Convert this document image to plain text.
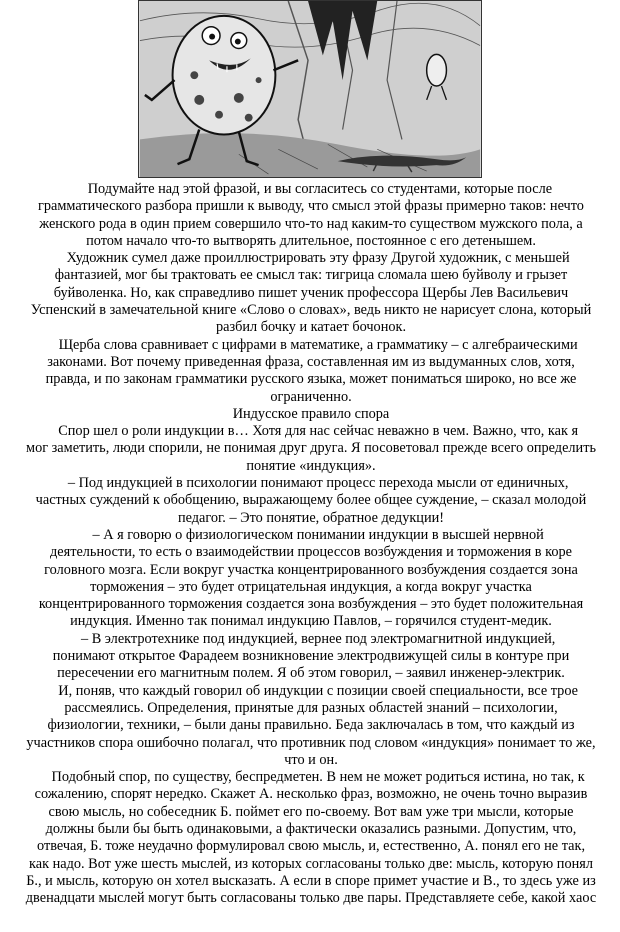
Подумайте над этой фразой, и вы согласитесь со студентами, которые после
грамматического разбора пришли к выводу, что смысл этой фразы примерно таков: нечто
женского рода в один прием совершило что-то над каким-то существом мужского пола, а
потом начало что-то вытворять длительное, постоянное с его детенышем.
Художник сумел даже проиллюстрировать эту фразу Другой художник, с меньшей
фантазией, мог бы трактовать ее смысл так: тигрица сломала шею буйволу и грызет
буйволенка. Но, как справедливо пишет ученик профессора Щербы Лев Васильевич
Успенский в замечательной книге «Слово о словах», ведь никто не нарисует слона, который
разбил бочку и катает бочонок.
Щерба слова сравнивает с цифрами в математике, а грамматику – с алгебраическими
законами. Вот почему приведенная фраза, составленная им из выдуманных слов, хотя,
правда, и по законам грамматики русского языка, может пониматься широко, но все же
ограниченно.
Индусское правило спора
Спор шел о роли индукции в… Хотя для нас сейчас неважно в чем. Важно, что, как я
мог заметить, люди спорили, не понимая друг друга. Я посоветовал прежде всего определить
понятие «индукция».
– Под индукцией в психологии понимают процесс перехода мысли от единичных,
частных суждений к обобщению, выражающему более общее суждение, – сказал молодой
педагог. – Это понятие, обратное дедукции!
– А я говорю о физиологическом понимании индукции в высшей нервной
деятельности, то есть о взаимодействии процессов возбуждения и торможения в коре
головного мозга. Если вокруг участка концентрированного возбуждения создается зона
торможения – это будет отрицательная индукция, а когда вокруг участка
концентрированного торможения создается зона возбуждения – это будет положительная
индукция. Именно так понимал индукцию Павлов, – горячился студент-медик.
– В электротехнике под индукцией, вернее под электромагнитной индукцией,
понимают открытое Фарадеем возникновение электродвижущей силы в контуре при
пересечении его магнитным полем. Я об этом говорил, – заявил инженер-электрик.
И, поняв, что каждый говорил об индукции с позиции своей специальности, все трое
рассмеялись. Определения, принятые для разных областей знаний – психологии,
физиологии, техники, – были даны правильно. Беда заключалась в том, что каждый из
участников спора ошибочно полагал, что противник под словом «индукция» понимает то же,
что и он.
Подобный спор, по существу, беспредметен. В нем не может родиться истина, но так, к
сожалению, спорят нередко. Скажет А. несколько фраз, возможно, не очень точно выразив
свою мысль, но собеседник Б. поймет его по-своему. Вот вам уже три мысли, которые
должны были бы быть одинаковыми, а фактически оказались разными. Допустим, что,
отвечая, Б. тоже неудачно формулировал свою мысль, и, естественно, А. понял его не так,
как надо. Вот уже шесть мыслей, из которых согласованы только две: мысль, которую понял
Б., и мысль, которую он хотел высказать. А если в споре примет участие и В., то здесь уже из
двенадцати мыслей могут быть согласованы только две пары. Представляете себе, какой хаос
